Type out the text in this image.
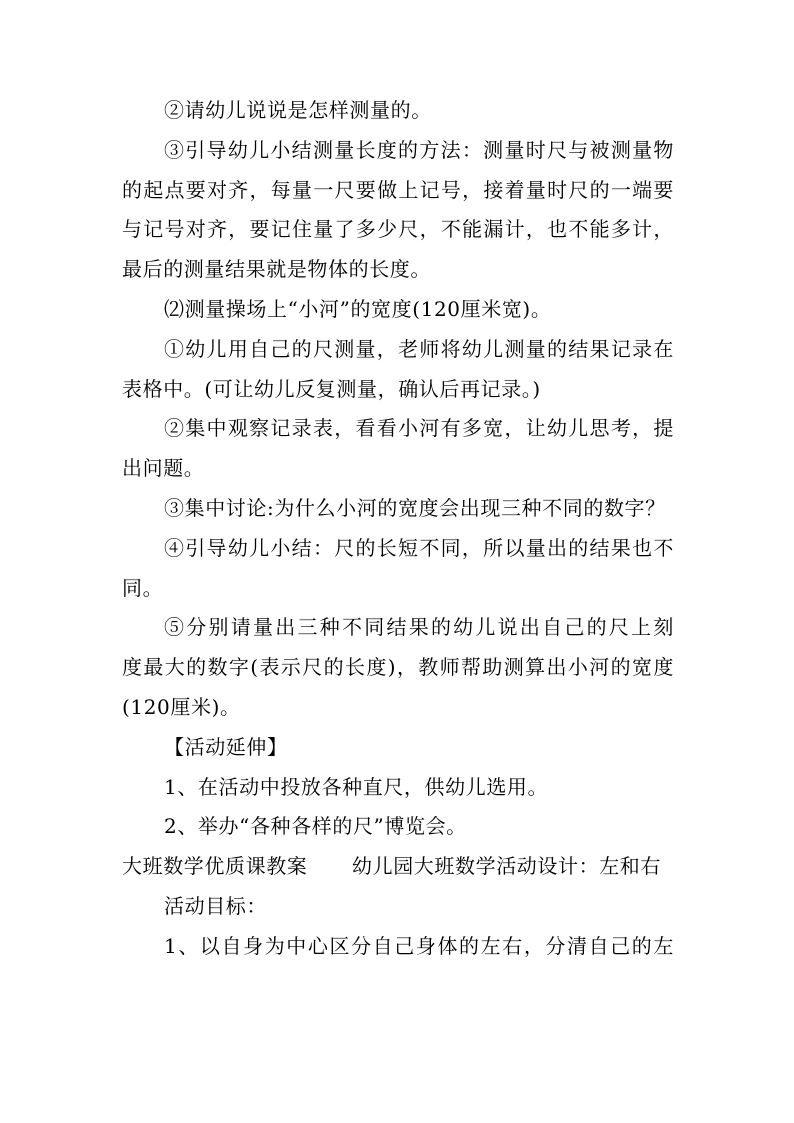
②请幼儿说说是怎样测量的。
③引导幼儿小结测量长度的方法：测量时尺与被测量物
的起点要对齐，每量一尺要做上记号，接着量时尺的一端要
与记号对齐，要记住量了多少尺，不能漏计，也不能多计，
最后的测量结果就是物体的长度。
⑵测量操场上“小河”的宽度(120厘米宽)。
①幼儿用自己的尺测量，老师将幼儿测量的结果记录在
表格中。(可让幼儿反复测量，确认后再记录。)
②集中观察记录表，看看小河有多宽，让幼儿思考，提
出问题。
③集中讨论:为什么小河的宽度会出现三种不同的数字？
④引导幼儿小结：尺的长短不同，所以量出的结果也不
同。
⑤分别请量出三种不同结果的幼儿说出自己的尺上刻
度最大的数字(表示尺的长度)，教师帮助测算出小河的宽度
(120厘米)。
【活动延伸】
1、在活动中投放各种直尺，供幼儿选用。
2、举办“各种各样的尺”博览会。
大班数学优质课教案	幼儿园大班数学活动设计：左和右
活动目标：
1、以自身为中心区分自己身体的左右，分清自己的左
